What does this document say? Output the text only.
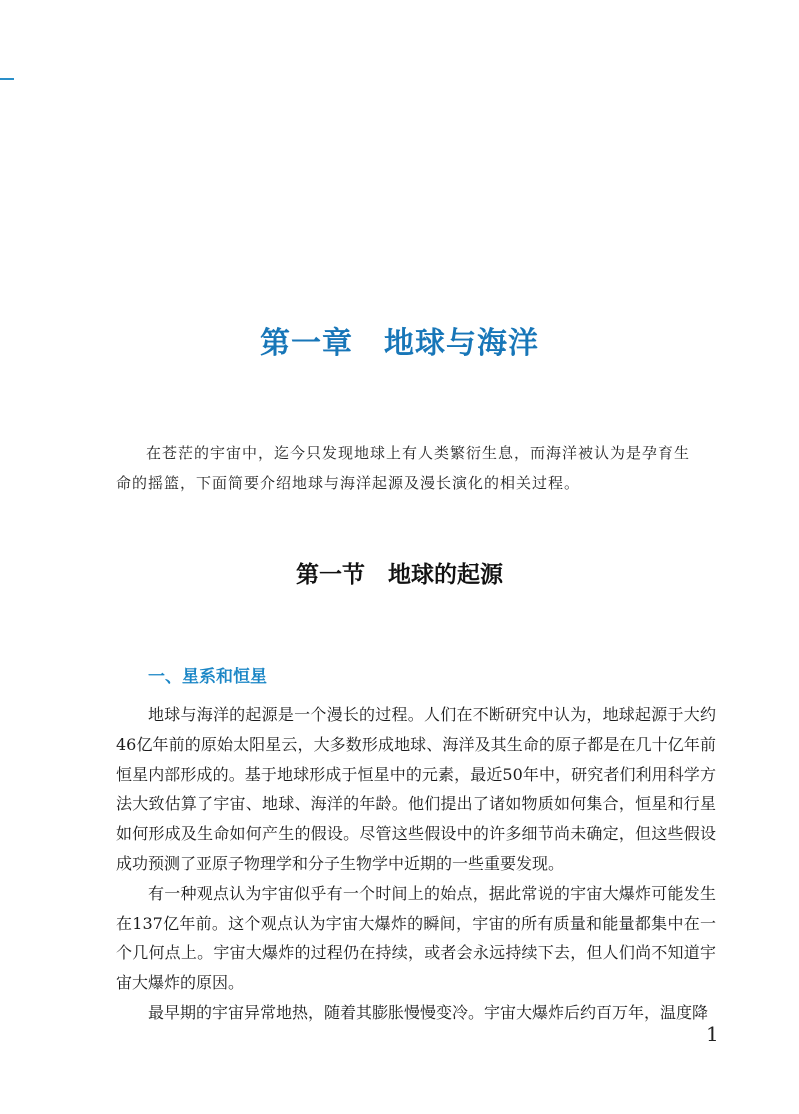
第一章　地球与海洋

在苍茫的宇宙中，迄今只发现地球上有人类繁衍生息，而海洋被认为是孕育生命的摇篮，下面简要介绍地球与海洋起源及漫长演化的相关过程。

第一节　地球的起源
一、星系和恒星

地球与海洋的起源是一个漫长的过程。人们在不断研究中认为，地球起源于大约46亿年前的原始太阳星云，大多数形成地球、海洋及其生命的原子都是在几十亿年前恒星内部形成的。基于地球形成于恒星中的元素，最近50年中，研究者们利用科学方法大致估算了宇宙、地球、海洋的年龄。他们提出了诸如物质如何集合，恒星和行星如何形成及生命如何产生的假设。尽管这些假设中的许多细节尚未确定，但这些假设成功预测了亚原子物理学和分子生物学中近期的一些重要发现。

有一种观点认为宇宙似乎有一个时间上的始点，据此常说的宇宙大爆炸可能发生在137亿年前。这个观点认为宇宙大爆炸的瞬间，宇宙的所有质量和能量都集中在一个几何点上。宇宙大爆炸的过程仍在持续，或者会永远持续下去，但人们尚不知道宇宙大爆炸的原因。

最早期的宇宙异常地热，随着其膨胀慢慢变冷。宇宙大爆炸后约百万年，温度降

1
